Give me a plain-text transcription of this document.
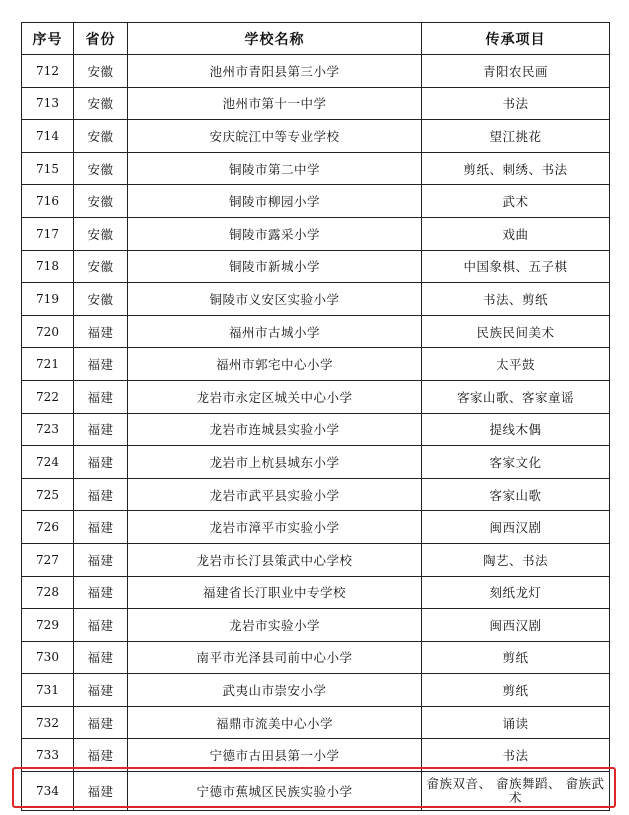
序号	省份	学校名称	传承项目
712	安徽	池州市青阳县第三小学	青阳农民画
713	安徽	池州市第十一中学	书法
714	安徽	安庆皖江中等专业学校	望江挑花
715	安徽	铜陵市第二中学	剪纸、刺绣、书法
716	安徽	铜陵市柳园小学	武术
717	安徽	铜陵市露采小学	戏曲
718	安徽	铜陵市新城小学	中国象棋、五子棋
719	安徽	铜陵市义安区实验小学	书法、剪纸
720	福建	福州市古城小学	民族民间美术
721	福建	福州市郭宅中心小学	太平鼓
722	福建	龙岩市永定区城关中心小学	客家山歌、客家童谣
723	福建	龙岩市连城县实验小学	提线木偶
724	福建	龙岩市上杭县城东小学	客家文化
725	福建	龙岩市武平县实验小学	客家山歌
726	福建	龙岩市漳平市实验小学	闽西汉剧
727	福建	龙岩市长汀县策武中心学校	陶艺、书法
728	福建	福建省长汀职业中专学校	刻纸龙灯
729	福建	龙岩市实验小学	闽西汉剧
730	福建	南平市光泽县司前中心小学	剪纸
731	福建	武夷山市崇安小学	剪纸
732	福建	福鼎市流美中心小学	诵读
733	福建	宁德市古田县第一小学	书法
734	福建	宁德市蕉城区民族实验小学	畲族双音、 畲族舞蹈、 畲族武术
